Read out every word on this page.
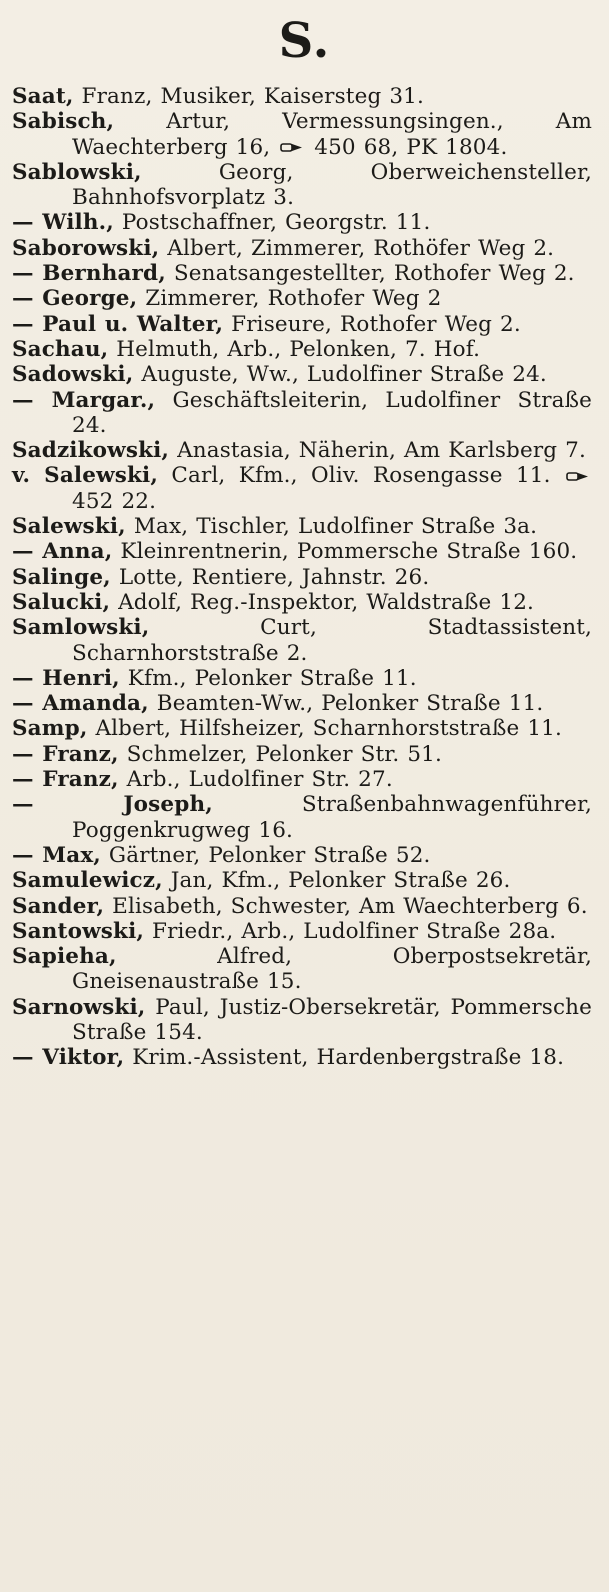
S.
Saat, Franz, Musiker, Kaisersteg 31.
Sabisch, Artur, Vermessungsingen., Am Waechterberg 16, 450 68, PK 1804.
Sablowski,	Georg, Oberweichensteller, Bahnhofsvorplatz 3.
— Wilh., Postschaffner, Georgstr. 11.
Saborowski, Albert, Zimmerer, Rothöfer Weg 2.
— Bernhard, Senatsangestellter, Rothofer Weg 2.
— George, Zimmerer, Rothofer Weg 2
— Paul u. Walter, Friseure, Rothofer Weg 2.
Sachau, Helmuth, Arb., Pelonken, 7. Hof.
Sadowski, Auguste, Ww., Ludolfiner Straße 24.
— Margar., Geschäftsleiterin, Ludolfiner Straße 24.
Sadzikowski, Anastasia, Näherin, Am Karlsberg 7.
v. Salewski, Carl, Kfm., Oliv. Rosengasse 11.
452 22.
Salewski, Max, Tischler, Ludolfiner Straße 3a.
— Anna, Kleinrentnerin, Pommersche Straße 160.
Salinge, Lotte, Rentiere, Jahnstr. 26.
Salucki, Adolf, Reg.-Inspektor, Waldstraße 12.
Samlowski,	Curt, Stadtassistent, Scharnhorststraße 2.
— Henri, Kfm., Pelonker Straße 11.
— Amanda, Beamten-Ww., Pelonker Straße 11.
Samp, Albert, Hilfsheizer, Scharnhorststraße 11.
— Franz, Schmelzer, Pelonker Str. 51.
— Franz, Arb., Ludolfiner Str. 27.
— Joseph,	Straßenbahnwagenführer, Poggenkrugweg 16.
— Max, Gärtner, Pelonker Straße 52.
Samulewicz, Jan, Kfm., Pelonker Straße 26.
Sander, Elisabeth, Schwester, Am Waechterberg 6.
Santowski, Friedr., Arb., Ludolfiner Straße 28a.
Sapieha,	Alfred, Oberpostsekretär, Gneisenaustraße 15.
Sarnowski, Paul, Justiz-Obersekretär, Pommersche Straße 154.
— Viktor, Krim.-Assistent, Hardenbergstraße 18.
